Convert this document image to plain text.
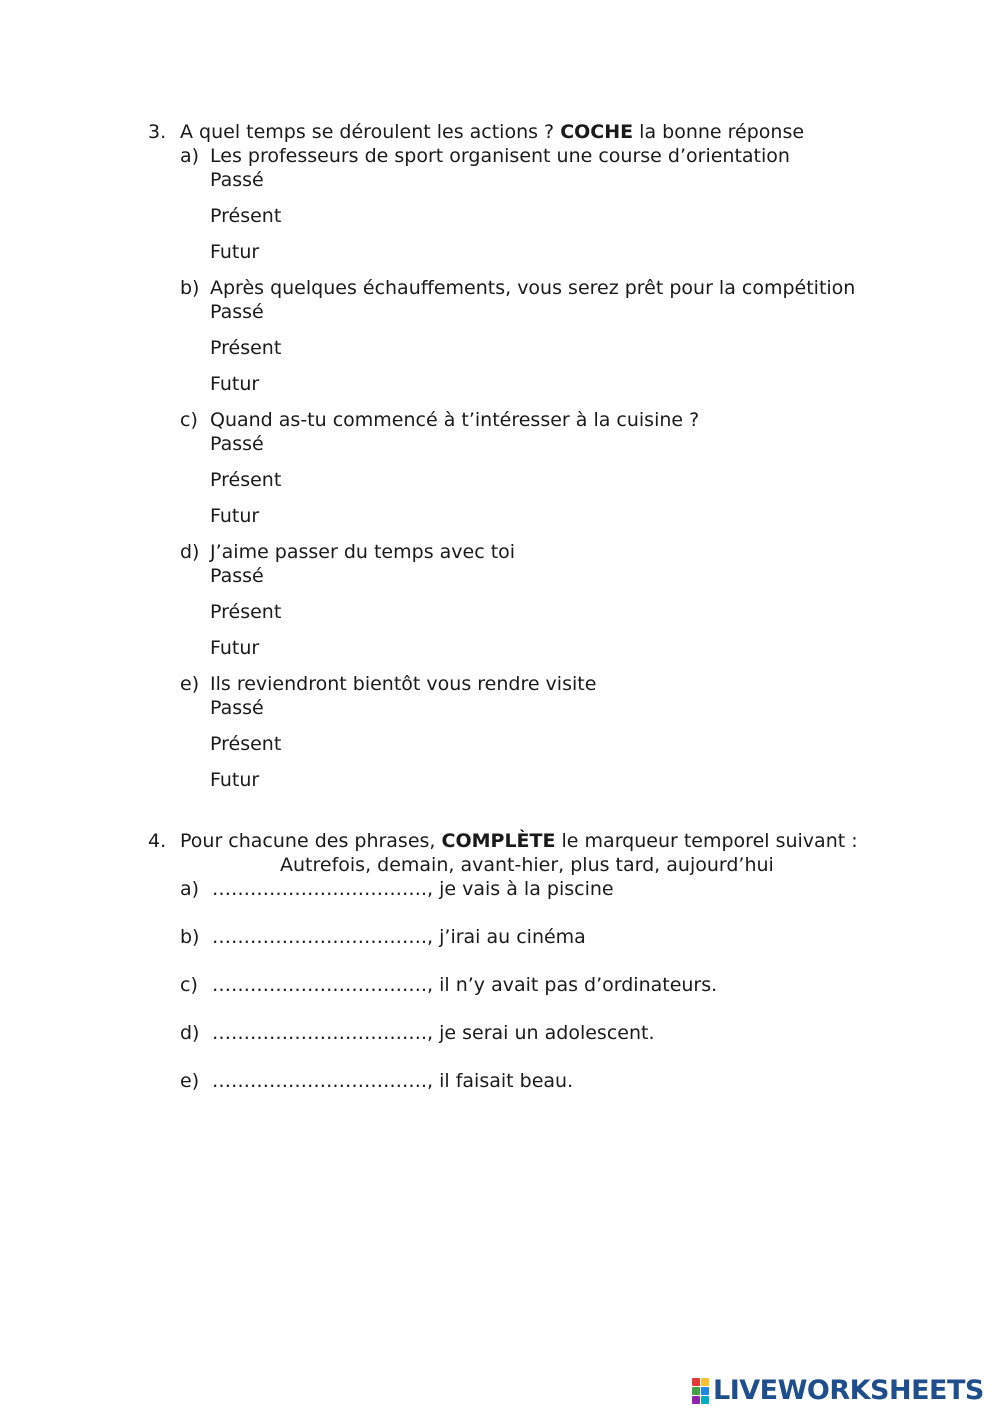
3. A quel temps se déroulent les actions ? COCHE la bonne réponse
a) Les professeurs de sport organisent une course d’orientation
Passé
Présent
Futur
b) Après quelques échauffements, vous serez prêt pour la compétition
Passé
Présent
Futur
c) Quand as-tu commencé à t’intéresser à la cuisine ?
Passé
Présent
Futur
d) J’aime passer du temps avec toi
Passé
Présent
Futur
e) Ils reviendront bientôt vous rendre visite
Passé
Présent
Futur
4. Pour chacune des phrases, COMPLÈTE le marqueur temporel suivant :
Autrefois, demain, avant-hier, plus tard, aujourd’hui
a) ……………………………., je vais à la piscine
b) ……………………………., j’irai au cinéma
c) ……………………………., il n’y avait pas d’ordinateurs.
d) ……………………………., je serai un adolescent.
e) ……………………………., il faisait beau.
LIVEWORKSHEETS
